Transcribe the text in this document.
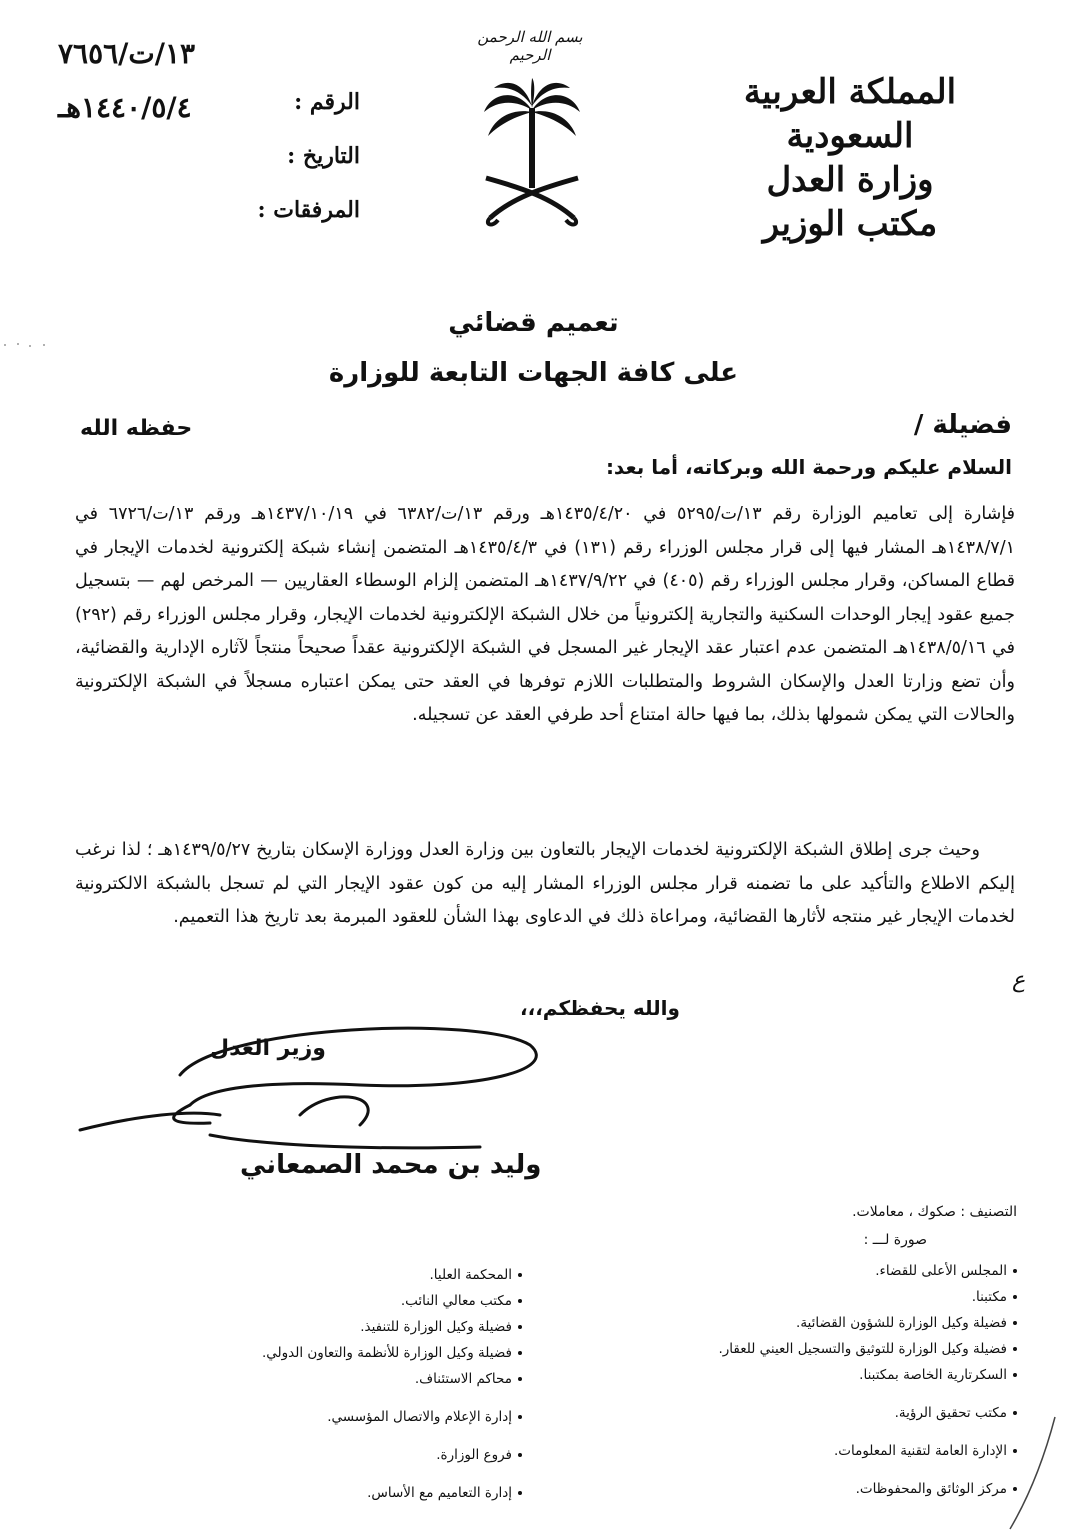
المملكة العربية السعودية
وزارة العدل
مكتب الوزير
بسم الله الرحمن الرحيم
الرقم :
التاريخ :
المرفقات :
١٣/ت/٧٦٥٦
١٤٤٠/٥/٤هـ
تعميم قضائي
على كافة الجهات التابعة للوزارة
فضيلة /
حفظه الله
السلام عليكم ورحمة الله وبركاته، أما بعد:
فإشارة إلى تعاميم الوزارة رقم ١٣/ت/٥٢٩٥ في ١٤٣٥/٤/٢٠هـ ورقم ١٣/ت/٦٣٨٢ في ١٤٣٧/١٠/١٩هـ ورقم ١٣/ت/٦٧٢٦ في ١٤٣٨/٧/١هـ المشار فيها إلى قرار مجلس الوزراء رقم (١٣١) في ١٤٣٥/٤/٣هـ المتضمن إنشاء شبكة إلكترونية لخدمات الإيجار في قطاع المساكن، وقرار مجلس الوزراء رقم (٤٠٥) في ١٤٣٧/٩/٢٢هـ المتضمن إلزام الوسطاء العقاريين — المرخص لهم — بتسجيل جميع عقود إيجار الوحدات السكنية والتجارية إلكترونياً من خلال الشبكة الإلكترونية لخدمات الإيجار، وقرار مجلس الوزراء رقم (٢٩٢) في ١٤٣٨/٥/١٦هـ المتضمن عدم اعتبار عقد الإيجار غير المسجل في الشبكة الإلكترونية عقداً صحيحاً منتجاً لآثاره الإدارية والقضائية، وأن تضع وزارتا العدل والإسكان الشروط والمتطلبات اللازم توفرها في العقد حتى يمكن اعتباره مسجلاً في الشبكة الإلكترونية والحالات التي يمكن شمولها بذلك، بما فيها حالة امتناع أحد طرفي العقد عن تسجيله.
وحيث جرى إطلاق الشبكة الإلكترونية لخدمات الإيجار بالتعاون بين وزارة العدل ووزارة الإسكان بتاريخ ١٤٣٩/٥/٢٧هـ ؛ لذا نرغب إليكم الاطلاع والتأكيد على ما تضمنه قرار مجلس الوزراء المشار إليه من كون عقود الإيجار التي لم تسجل بالشبكة الالكترونية لخدمات الإيجار غير منتجه لأثارها القضائية، ومراعاة ذلك في الدعاوى بهذا الشأن للعقود المبرمة بعد تاريخ هذا التعميم.
ع
والله يحفظكم،،،
وزير العدل
وليد بن محمد الصمعاني
التصنيف : صكوك ، معاملات.
صورة لـــ :
المجلس الأعلى للقضاء.
مكتبنا.
فضيلة وكيل الوزارة للشؤون القضائية.
فضيلة وكيل الوزارة للتوثيق والتسجيل العيني للعقار.
السكرتارية الخاصة بمكتبنا.
مكتب تحقيق الرؤية.
الإدارة العامة لتقنية المعلومات.
مركز الوثائق والمحفوظات.
المحكمة العليا.
مكتب معالي النائب.
فضيلة وكيل الوزارة للتنفيذ.
فضيلة وكيل الوزارة للأنظمة والتعاون الدولي.
محاكم الاستئناف.
إدارة الإعلام والاتصال المؤسسي.
فروع الوزارة.
إدارة التعاميم مع الأساس.
